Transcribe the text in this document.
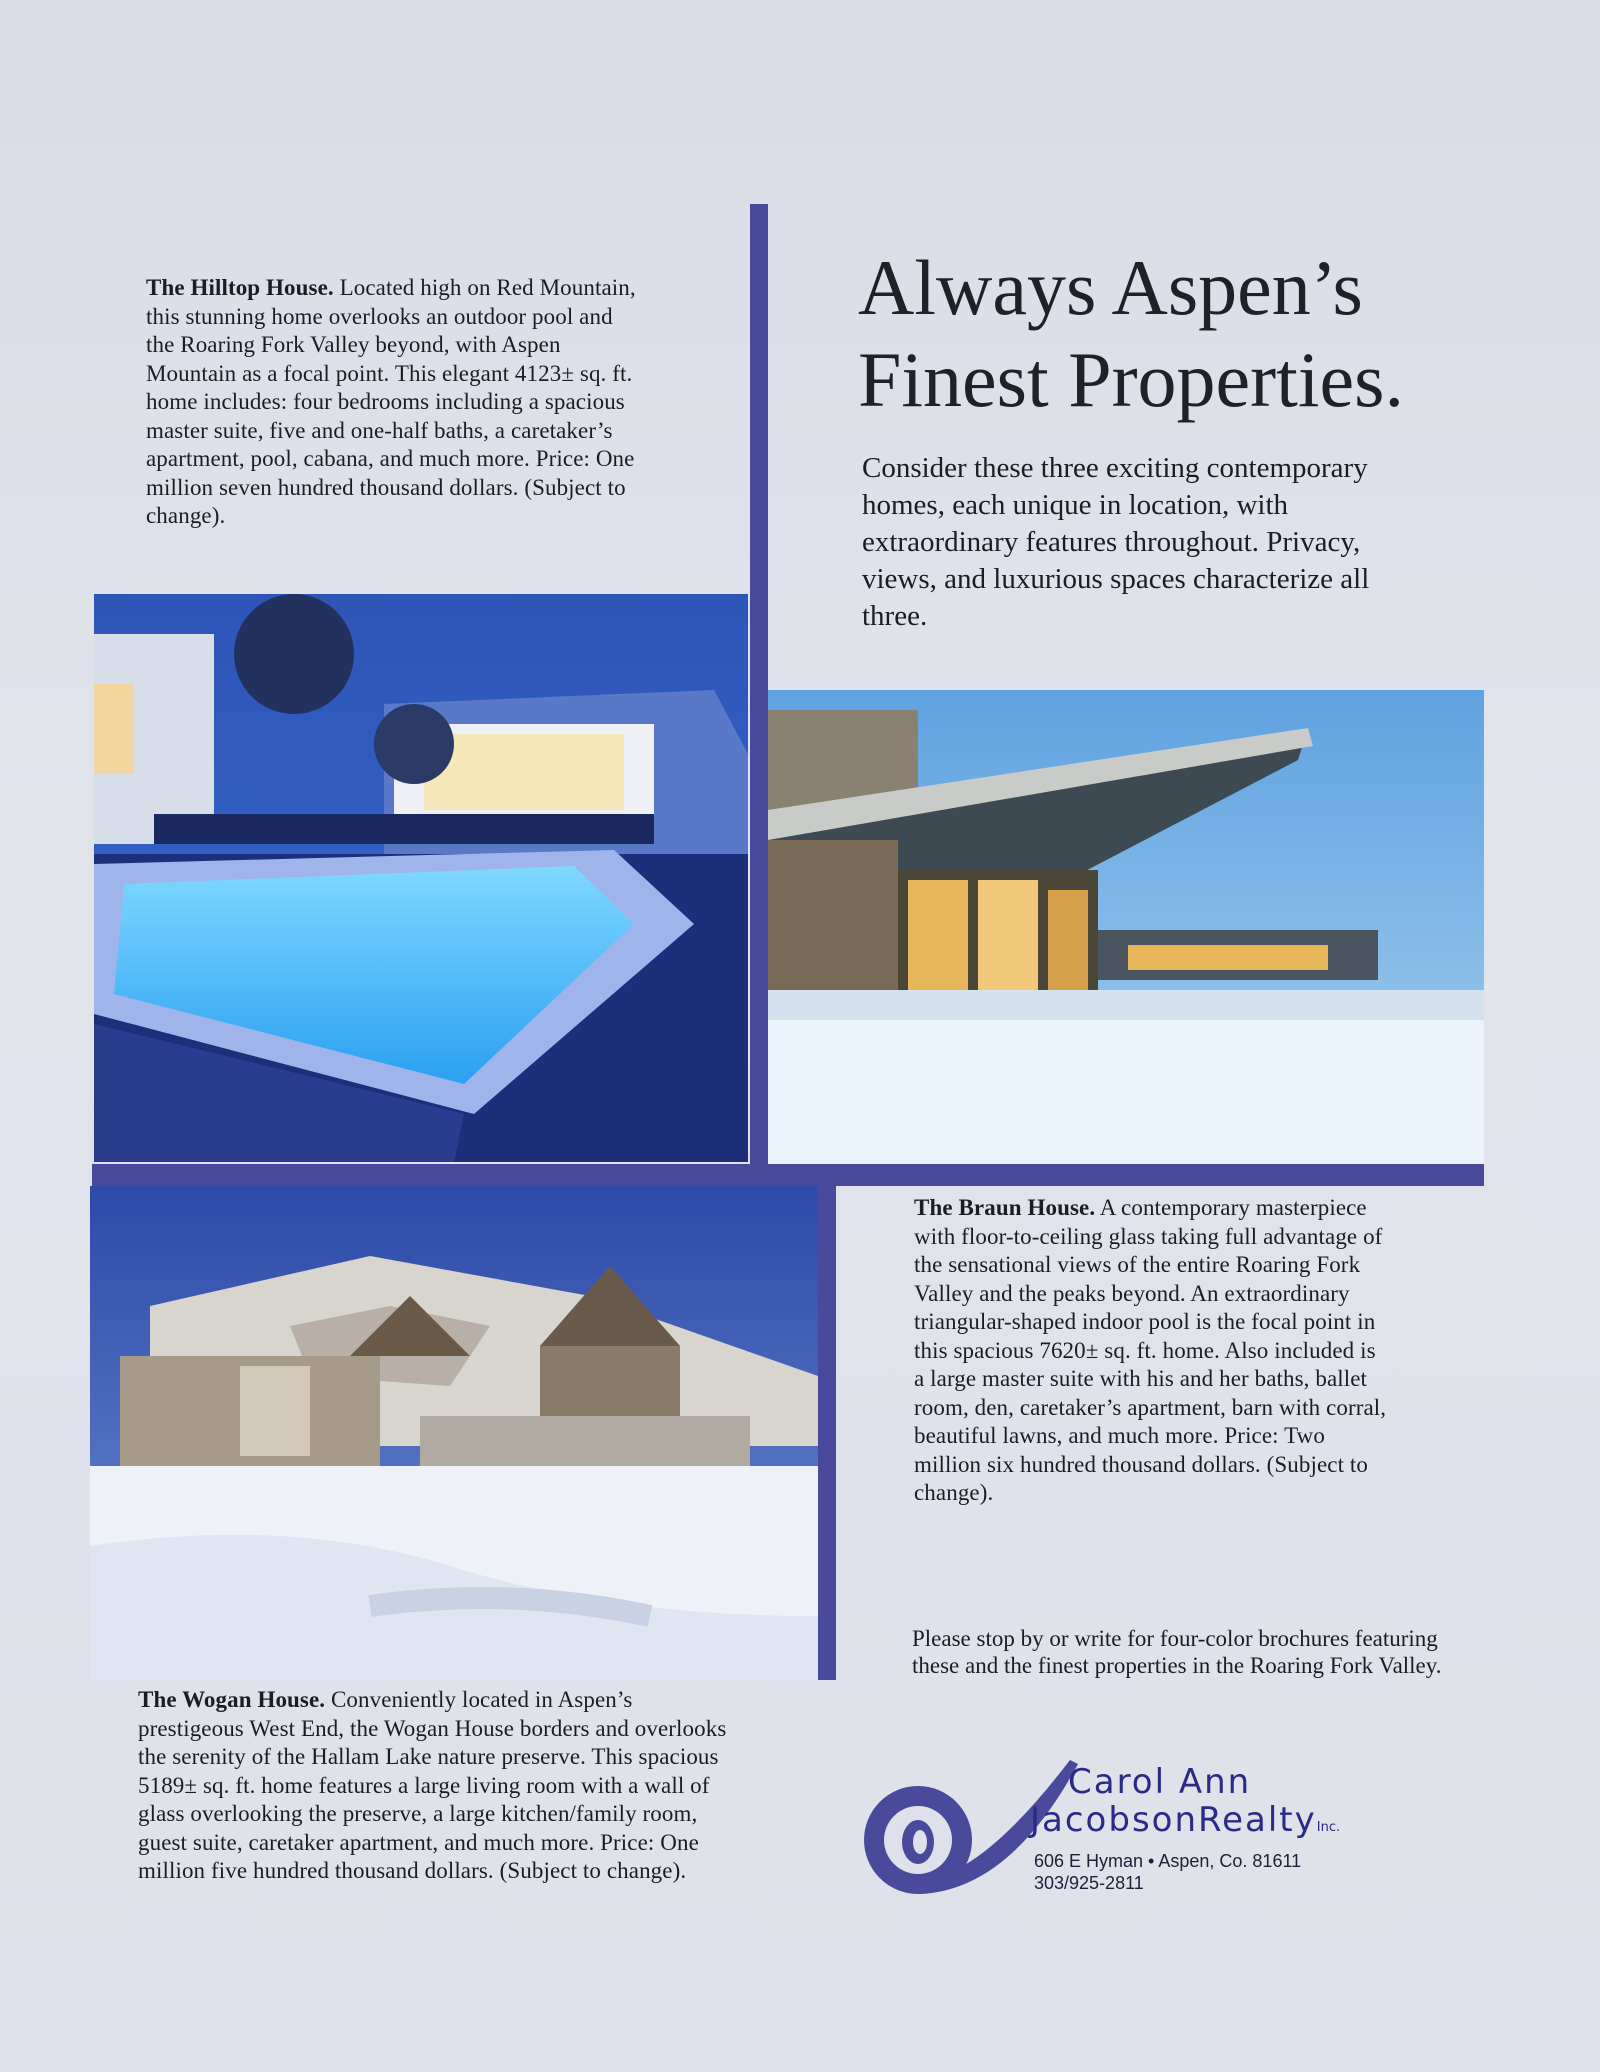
The Hilltop House. Located high on Red Mountain, this stunning home overlooks an outdoor pool and the Roaring Fork Valley beyond, with Aspen Mountain as a focal point. This elegant 4123± sq. ft. home includes: four bedrooms including a spacious master suite, five and one-half baths, a caretaker’s apartment, pool, cabana, and much more. Price: One million seven hundred thousand dollars. (Subject to change).
Always Aspen’s
Finest Properties.
Consider these three exciting contemporary homes, each unique in location, with extraordinary features throughout. Privacy, views, and luxurious spaces characterize all three.
The Braun House. A contemporary masterpiece with floor-to-ceiling glass taking full advantage of the sensational views of the entire Roaring Fork Valley and the peaks beyond. An extraordinary triangular-shaped indoor pool is the focal point in this spacious 7620± sq. ft. home. Also included is a large master suite with his and her baths, ballet room, den, caretaker’s apartment, barn with corral, beautiful lawns, and much more. Price: Two million six hundred thousand dollars. (Subject to change).
Please stop by or write for four-color brochures featuring these and the finest properties in the Roaring Fork Valley.
The Wogan House. Conveniently located in Aspen’s prestigeous West End, the Wogan House borders and overlooks the serenity of the Hallam Lake nature preserve. This spacious 5189± sq. ft. home features a large living room with a wall of glass overlooking the preserve, a large kitchen/family room, guest suite, caretaker apartment, and much more. Price: One million five hundred thousand dollars. (Subject to change).
Carol Ann
JacobsonRealtyInc.
606 E Hyman • Aspen, Co. 81611
303/925-2811
